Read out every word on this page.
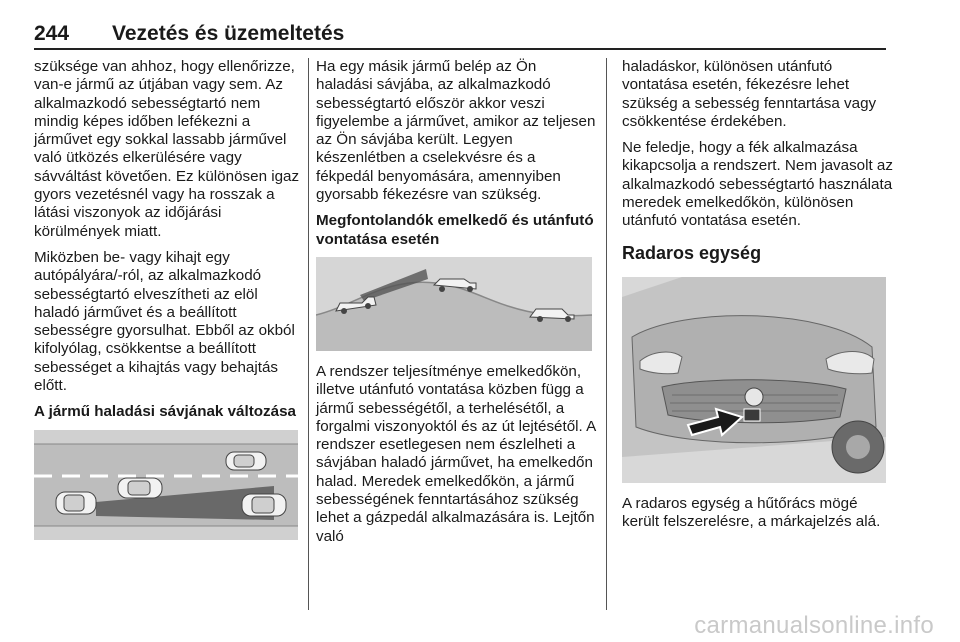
244 Vezetés és üzemeltetés

szüksége van ahhoz, hogy ellenőrizze, van-e jármű az útjában vagy sem. Az alkalmazkodó sebességtartó nem mindig képes időben lefékezni a járművet egy sokkal lassabb járművel való ütközés elkerülésére vagy sávváltást követően. Ez különösen igaz gyors vezetésnél vagy ha rosszak a látási viszonyok az időjárási körülmények miatt.

Miközben be- vagy kihajt egy autópályára/-ról, az alkalmazkodó sebességtartó elveszítheti az elöl haladó járművet és a beállított sebességre gyorsulhat. Ebből az okból kifolyólag, csökkentse a beállított sebességet a kihajtás vagy behajtás előtt.

A jármű haladási sávjának változása

Ha egy másik jármű belép az Ön haladási sávjába, az alkalmazkodó sebességtartó először akkor veszi figyelembe a járművet, amikor az teljesen az Ön sávjába került. Legyen készenlétben a cselekvésre és a fékpedál benyomására, amennyiben gyorsabb fékezésre van szükség.

Megfontolandók emelkedő és utánfutó vontatása esetén

A rendszer teljesítménye emelkedőkön, illetve utánfutó vontatása közben függ a jármű sebességétől, a terhelésétől, a forgalmi viszonyoktól és az út lejtésétől. A rendszer esetlegesen nem észlelheti a sávjában haladó járművet, ha emelkedőn halad. Meredek emelkedőkön, a jármű sebességének fenntartásához szükség lehet a gázpedál alkalmazására is. Lejtőn való

haladáskor, különösen utánfutó vontatása esetén, fékezésre lehet szükség a sebesség fenntartása vagy csökkentése érdekében.

Ne feledje, hogy a fék alkalmazása kikapcsolja a rendszert. Nem javasolt az alkalmazkodó sebességtartó használata meredek emelkedőkön, különösen utánfutó vontatása esetén.

Radaros egység

A radaros egység a hűtőrács mögé került felszerelésre, a márkajelzés alá.

carmanualsonline.info
